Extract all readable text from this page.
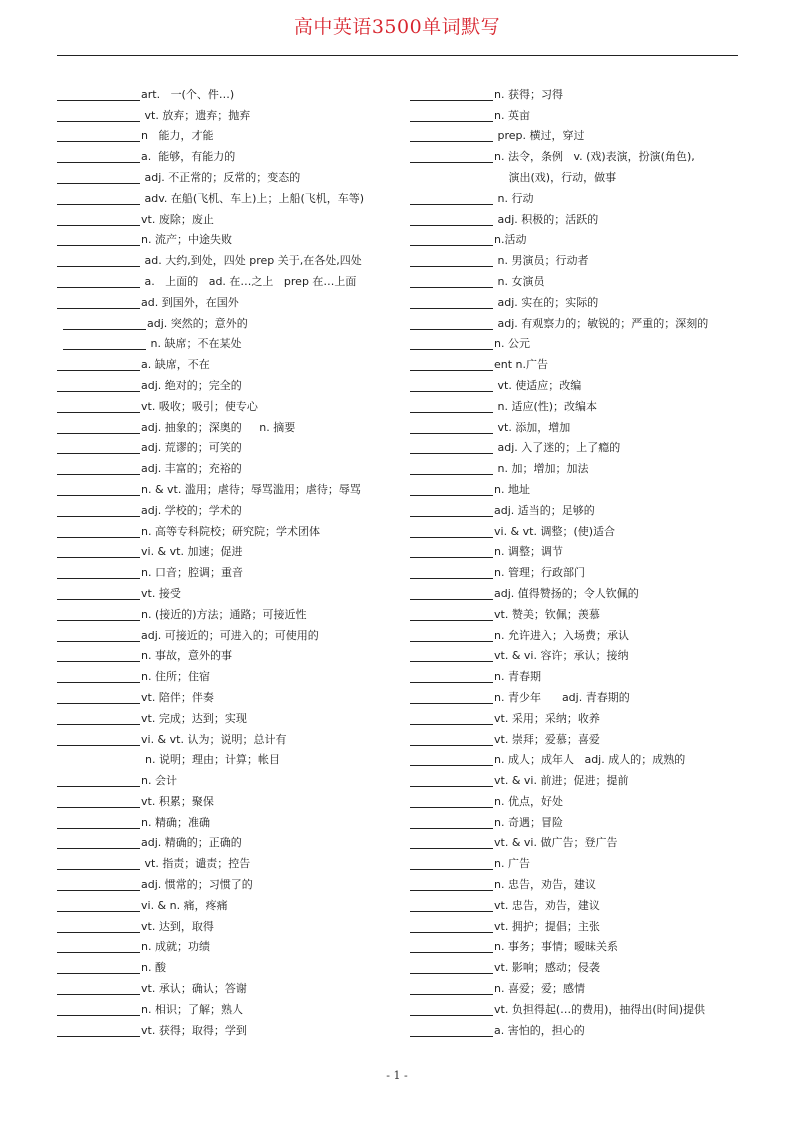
高中英语3500单词默写
art.   一(个、件…)
vt. 放弃；遗弃；抛弃
n   能力，才能
a.  能够，有能力的
adj. 不正常的；反常的；变态的
adv. 在船(飞机、车上)上；上船(飞机，车等)
vt. 废除；废止
n. 流产；中途失败
ad. 大约,到处，四处 prep 关于,在各处,四处
a.   上面的   ad. 在…之上   prep 在…上面
ad. 到国外，在国外
adj. 突然的；意外的
n. 缺席；不在某处
a. 缺席，不在
adj. 绝对的；完全的
vt. 吸收；吸引；使专心
adj. 抽象的；深奥的     n. 摘要
adj. 荒谬的；可笑的
adj. 丰富的；充裕的
n. & vt. 滥用；虐待；辱骂滥用；虐待；辱骂
adj. 学校的；学术的
n. 高等专科院校；研究院；学术团体
vi. & vt. 加速；促进
n. 口音；腔调；重音
vt. 接受
n. (接近的)方法；通路；可接近性
adj. 可接近的；可进入的；可使用的
n. 事故，意外的事
n. 住所；住宿
vt. 陪伴；伴奏
vt. 完成；达到；实现
vi. & vt. 认为；说明；总计有
n. 说明；理由；计算；帐目
n. 会计
vt. 积累；聚保
n. 精确；准确
adj. 精确的；正确的
vt. 指责；谴责；控告
adj. 惯常的；习惯了的
vi. & n. 痛，疼痛
vt. 达到，取得
n. 成就；功绩
n. 酸
vt. 承认；确认；答谢
n. 相识；了解；熟人
vt. 获得；取得；学到
n. 获得；习得
n. 英亩
prep. 横过，穿过
n. 法令，条例   v. (戏)表演，扮演(角色),
演出(戏)，行动，做事
n. 行动
adj. 积极的；活跃的
n.活动
n. 男演员；行动者
n. 女演员
adj. 实在的；实际的
adj. 有观察力的；敏锐的；严重的；深刻的
n. 公元
ent n.广告
vt. 使适应；改编
n. 适应(性)；改编本
vt. 添加，增加
adj. 入了迷的；上了瘾的
n. 加；增加；加法
n. 地址
adj. 适当的；足够的
vi. & vt. 调整；(使)适合
n. 调整；调节
n. 管理；行政部门
adj. 值得赞扬的；令人钦佩的
vt. 赞美；钦佩；羡慕
n. 允许进入；入场费；承认
vt. & vi. 容许；承认；接纳
n. 青春期
n. 青少年      adj. 青春期的
vt. 采用；采纳；收养
vt. 崇拜；爱慕；喜爱
n. 成人；成年人   adj. 成人的；成熟的
vt. & vi. 前进；促进；提前
n. 优点，好处
n. 奇遇；冒险
vt. & vi. 做广告；登广告
n. 广告
n. 忠告，劝告，建议
vt. 忠告，劝告，建议
vt. 拥护；提倡；主张
n. 事务；事情；暧昧关系
vt. 影响；感动；侵袭
n. 喜爱；爱；感情
vt. 负担得起(…的费用)，抽得出(时间)提供
a. 害怕的，担心的
- 1 -
